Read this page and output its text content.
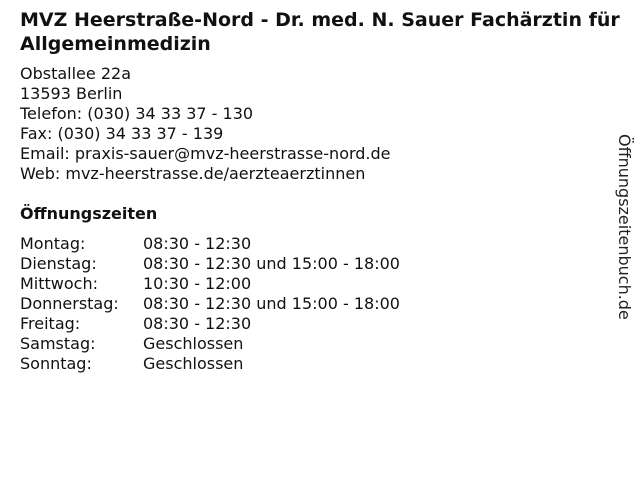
MVZ Heerstraße-Nord - Dr. med. N. Sauer Fachärztin für Allgemeinmedizin
Obstallee 22a
13593 Berlin
Telefon: (030) 34 33 37 - 130
Fax: (030) 34 33 37 - 139
Email: praxis-sauer@mvz-heerstrasse-nord.de
Web: mvz-heerstrasse.de/aerzteaerztinnen
Öffnungszeiten
Montag:	08:30 - 12:30
Dienstag:	08:30 - 12:30 und 15:00 - 18:00
Mittwoch:	10:30 - 12:00
Donnerstag:	08:30 - 12:30 und 15:00 - 18:00
Freitag:	08:30 - 12:30
Samstag:	Geschlossen
Sonntag:	Geschlossen
Öffnungszeitenbuch.de
